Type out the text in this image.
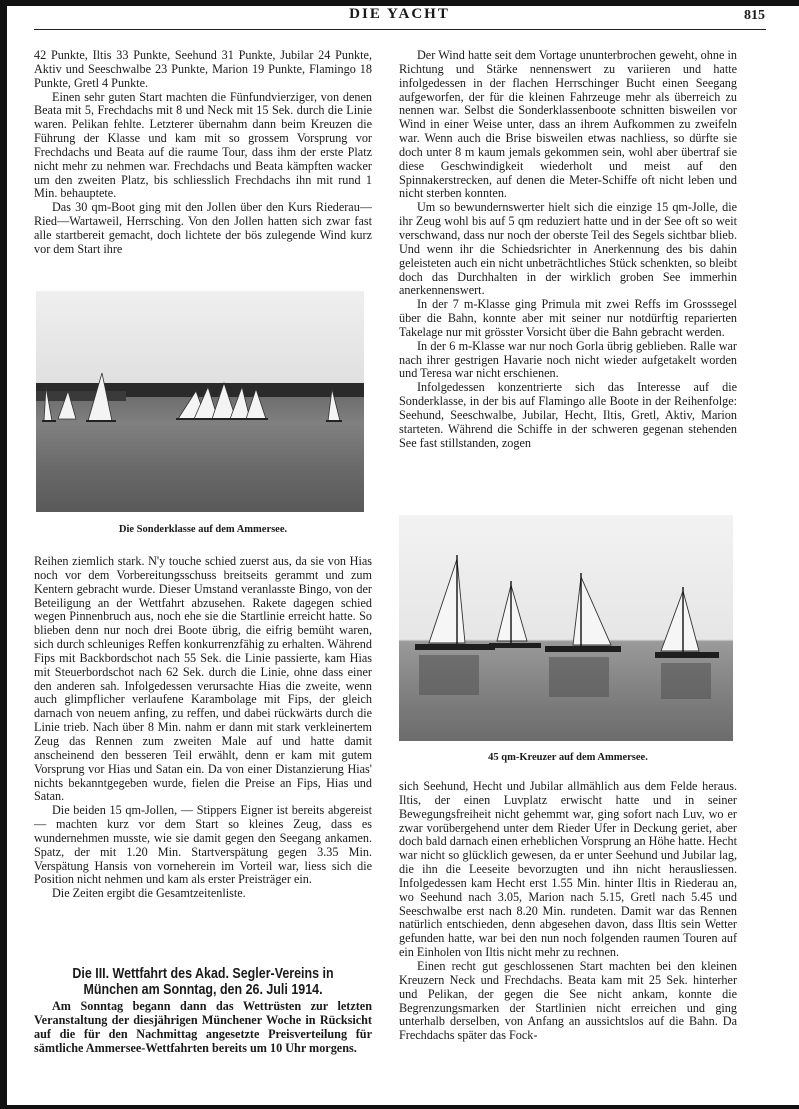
DIE YACHT	815

42 Punkte, Iltis 33 Punkte, Seehund 31 Punkte, Jubilar 24 Punkte, Aktiv und Seeschwalbe 23 Punkte, Marion 19 Punkte, Flamingo 18 Punkte, Gretl 4 Punkte.

Einen sehr guten Start machten die Fünfundvierziger, von denen Beata mit 5, Frechdachs mit 8 und Neck mit 15 Sek. durch die Linie waren. Pelikan fehlte. Letzterer übernahm dann beim Kreuzen die Führung der Klasse und kam mit so grossem Vorsprung vor Frechdachs und Beata auf die raume Tour, dass ihm der erste Platz nicht mehr zu nehmen war. Frechdachs und Beata kämpften wacker um den zweiten Platz, bis schliesslich Frechdachs ihn mit rund 1 Min. behauptete.

Das 30 qm-Boot ging mit den Jollen über den Kurs Riederau—Ried—Wartaweil, Herrsching. Von den Jollen hatten sich zwar fast alle startbereit gemacht, doch lichtete der bös zulegende Wind kurz vor dem Start ihre

Die Sonderklasse auf dem Ammersee.

Reihen ziemlich stark. N'y touche schied zuerst aus, da sie von Hias noch vor dem Vorbereitungsschuss breitseits gerammt und zum Kentern gebracht wurde. Dieser Umstand veranlasste Bingo, von der Beteiligung an der Wettfahrt abzusehen. Rakete dagegen schied wegen Pinnenbruch aus, noch ehe sie die Startlinie erreicht hatte. So blieben denn nur noch drei Boote übrig, die eifrig bemüht waren, sich durch schleuniges Reffen konkurrenzfähig zu erhalten. Während Fips mit Backbordschot nach 55 Sek. die Linie passierte, kam Hias mit Steuerbordschot nach 62 Sek. durch die Linie, ohne dass einer den anderen sah. Infolgedessen verursachte Hias die zweite, wenn auch glimpflicher verlaufene Karambolage mit Fips, der gleich darnach von neuem anfing, zu reffen, und dabei rückwärts durch die Linie trieb. Nach über 8 Min. nahm er dann mit stark verkleinertem Zeug das Rennen zum zweiten Male auf und hatte damit anscheinend den besseren Teil erwählt, denn er kam mit gutem Vorsprung vor Hias und Satan ein. Da von einer Distanzierung Hias' nichts bekanntgegeben wurde, fielen die Preise an Fips, Hias und Satan.

Die beiden 15 qm-Jollen, — Stippers Eigner ist bereits abgereist — machten kurz vor dem Start so kleines Zeug, dass es wundernehmen musste, wie sie damit gegen den Seegang ankamen. Spatz, der mit 1.20 Min. Startverspätung gegen 3.35 Min. Verspätung Hansis von vorneherein im Vorteil war, liess sich die Position nicht nehmen und kam als erster Preisträger ein.

Die Zeiten ergibt die Gesamtzeitenliste.

Die III. Wettfahrt des Akad. Segler-Vereins in München am Sonntag, den 26. Juli 1914.

Am Sonntag begann dann das Wettrüsten zur letzten Veranstaltung der diesjährigen Münchener Woche in Rücksicht auf die für den Nachmittag angesetzte Preisverteilung für sämtliche Ammersee-Wettfahrten bereits um 10 Uhr morgens.

Der Wind hatte seit dem Vortage ununterbrochen geweht, ohne in Richtung und Stärke nennenswert zu variieren und hatte infolgedessen in der flachen Herrschinger Bucht einen Seegang aufgeworfen, der für die kleinen Fahrzeuge mehr als überreich zu nennen war. Selbst die Sonderklassenboote schnitten bisweilen vor Wind in einer Weise unter, dass an ihrem Aufkommen zu zweifeln war. Wenn auch die Brise bisweilen etwas nachliess, so dürfte sie doch unter 8 m kaum jemals gekommen sein, wohl aber übertraf sie diese Geschwindigkeit wiederholt und meist auf den Spinnakerstrecken, auf denen die Meter-Schiffe oft nicht leben und nicht sterben konnten.

Um so bewundernswerter hielt sich die einzige 15 qm-Jolle, die ihr Zeug wohl bis auf 5 qm reduziert hatte und in der See oft so weit verschwand, dass nur noch der oberste Teil des Segels sichtbar blieb. Und wenn ihr die Schiedsrichter in Anerkennung des bis dahin geleisteten auch ein nicht unbeträchtliches Stück schenkten, so bleibt doch das Durchhalten in der wirklich groben See immerhin anerkennenswert.

In der 7 m-Klasse ging Primula mit zwei Reffs im Grosssegel über die Bahn, konnte aber mit seiner nur notdürftig reparierten Takelage nur mit grösster Vorsicht über die Bahn gebracht werden.

In der 6 m-Klasse war nur noch Gorla übrig geblieben. Ralle war nach ihrer gestrigen Havarie noch nicht wieder aufgetakelt worden und Teresa war nicht erschienen.

Infolgedessen konzentrierte sich das Interesse auf die Sonderklasse, in der bis auf Flamingo alle Boote in der Reihenfolge: Seehund, Seeschwalbe, Jubilar, Hecht, Iltis, Gretl, Aktiv, Marion starteten. Während die Schiffe in der schweren gegenan stehenden See fast stillstanden, zogen

45 qm-Kreuzer auf dem Ammersee.

sich Seehund, Hecht und Jubilar allmählich aus dem Felde heraus. Iltis, der einen Luvplatz erwischt hatte und in seiner Bewegungsfreiheit nicht gehemmt war, ging sofort nach Luv, wo er zwar vorübergehend unter dem Rieder Ufer in Deckung geriet, aber doch bald darnach einen erheblichen Vorsprung an Höhe hatte. Hecht war nicht so glücklich gewesen, da er unter Seehund und Jubilar lag, die ihn die Leeseite bevorzugten und ihn nicht herausliessen. Infolgedessen kam Hecht erst 1.55 Min. hinter Iltis in Riederau an, wo Seehund nach 3.05, Marion nach 5.15, Gretl nach 5.45 und Seeschwalbe erst nach 8.20 Min. rundeten. Damit war das Rennen natürlich entschieden, denn abgesehen davon, dass Iltis sein Wetter gefunden hatte, war bei den nun noch folgenden raumen Touren auf ein Einholen von Iltis nicht mehr zu rechnen.

Einen recht gut geschlossenen Start machten bei den kleinen Kreuzern Neck und Frechdachs. Beata kam mit 25 Sek. hinterher und Pelikan, der gegen die See nicht ankam, konnte die Begrenzungsmarken der Startlinien nicht erreichen und ging unterhalb derselben, von Anfang an aussichtslos auf die Bahn. Da Frechdachs später das Fock-
